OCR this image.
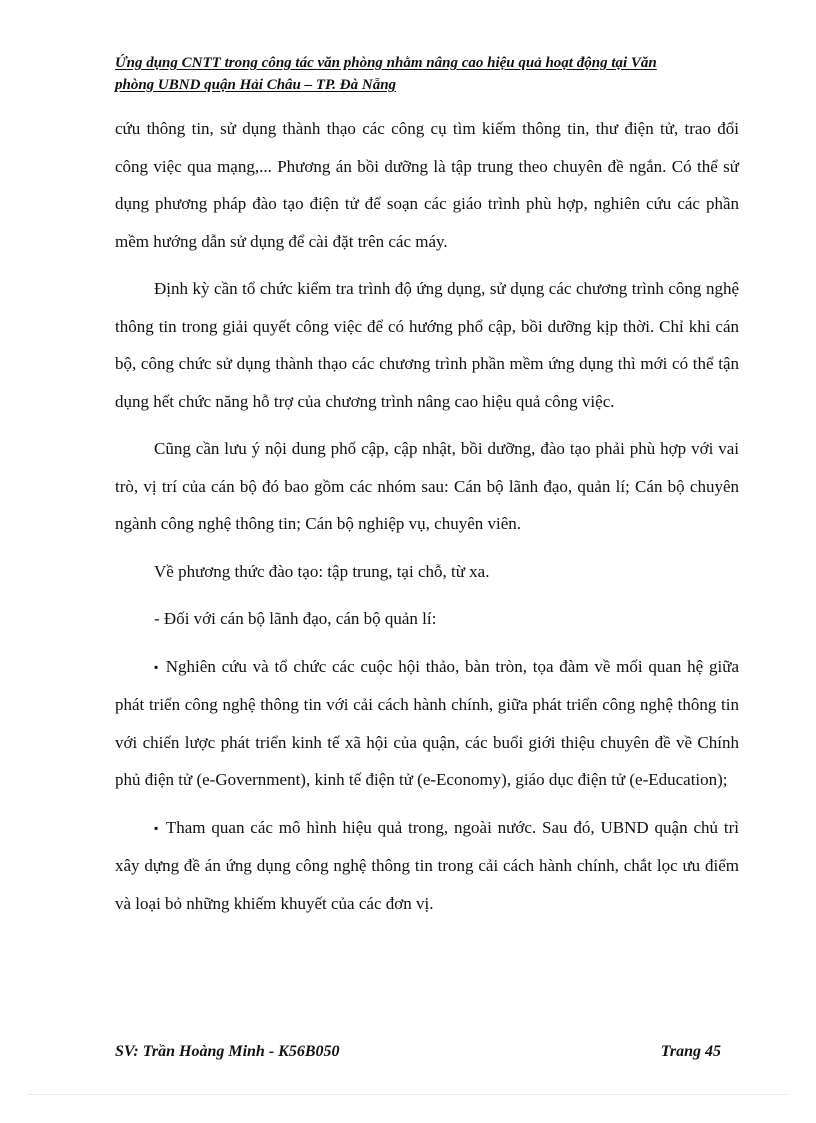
Ứng dụng CNTT trong công tác văn phòng nhằm nâng cao hiệu quả hoạt động tại Văn
phòng UBND quận Hải Châu – TP. Đà Nẵng

cứu thông tin, sử dụng thành thạo các công cụ tìm kiếm thông tin, thư điện tử, trao đổi công việc qua mạng,... Phương án bồi dưỡng là tập trung theo chuyên đề ngắn. Có thể sử dụng phương pháp đào tạo điện tử để soạn các giáo trình phù hợp, nghiên cứu các phần mềm hướng dẫn sử dụng để cài đặt trên các máy.

Định kỳ cần tổ chức kiểm tra trình độ ứng dụng, sử dụng các chương trình công nghệ thông tin trong giải quyết công việc để có hướng phổ cập, bồi dưỡng kịp thời. Chỉ khi cán bộ, công chức sử dụng thành thạo các chương trình phần mềm ứng dụng thì mới có thể tận dụng hết chức năng hỗ trợ của chương trình nâng cao hiệu quả công việc.

Cũng cần lưu ý nội dung phổ cập, cập nhật, bồi dưỡng, đào tạo phải phù hợp với vai trò, vị trí của cán bộ đó bao gồm các nhóm sau: Cán bộ lãnh đạo, quản lí; Cán bộ chuyên ngành công nghệ thông tin; Cán bộ nghiệp vụ, chuyên viên.

Về phương thức đào tạo: tập trung, tại chỗ, từ xa.

- Đối với cán bộ lãnh đạo, cán bộ quản lí:

▪ Nghiên cứu và tổ chức các cuộc hội thảo, bàn tròn, tọa đàm về mối quan hệ giữa phát triển công nghệ thông tin với cải cách hành chính, giữa phát triển công nghệ thông tin với chiến lược phát triển kinh tế xã hội của quận, các buổi giới thiệu chuyên đề về Chính phủ điện tử (e-Government), kinh tế điện tử (e-Economy), giáo dục điện tử (e-Education);

▪ Tham quan các mô hình hiệu quả trong, ngoài nước. Sau đó, UBND quận chủ trì xây dựng đề án ứng dụng công nghệ thông tin trong cải cách hành chính, chắt lọc ưu điểm và loại bỏ những khiếm khuyết của các đơn vị.

SV: Trần Hoàng Minh - K56B050	Trang 45
